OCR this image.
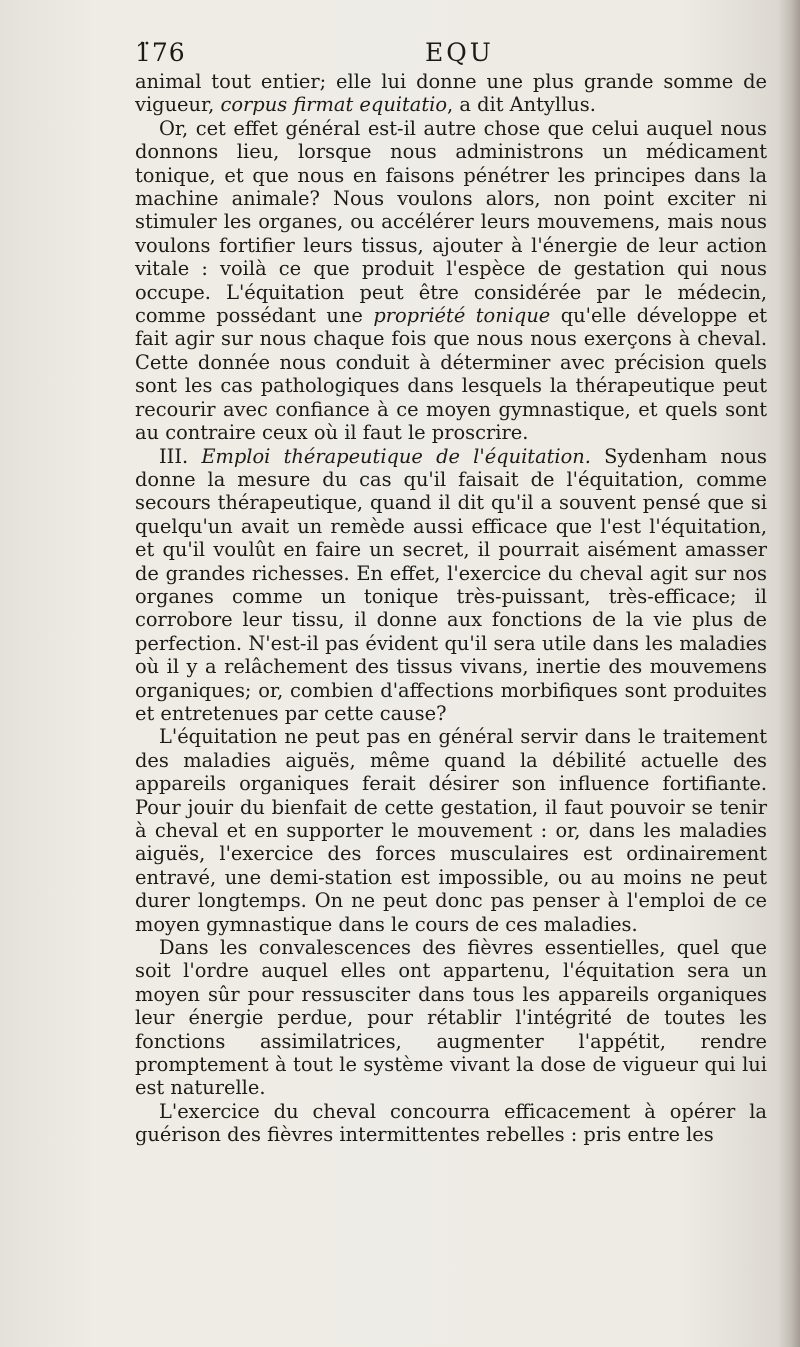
1̈76	EQU

animal tout entier; elle lui donne une plus grande somme de vigueur, corpus firmat equitatio, a dit Antyllus.

Or, cet effet général est-il autre chose que celui auquel nous donnons lieu, lorsque nous administrons un médicament tonique, et que nous en faisons pénétrer les principes dans la machine animale? Nous voulons alors, non point exciter ni stimuler les organes, ou accélérer leurs mouvemens, mais nous voulons fortifier leurs tissus, ajouter à l'énergie de leur action vitale : voilà ce que produit l'espèce de gestation qui nous occupe. L'équitation peut être considérée par le médecin, comme possédant une propriété tonique qu'elle développe et fait agir sur nous chaque fois que nous nous exerçons à cheval. Cette donnée nous conduit à déterminer avec précision quels sont les cas pathologiques dans lesquels la thérapeutique peut recourir avec confiance à ce moyen gymnastique, et quels sont au contraire ceux où il faut le proscrire.

III. Emploi thérapeutique de l'équitation. Sydenham nous donne la mesure du cas qu'il faisait de l'équitation, comme secours thérapeutique, quand il dit qu'il a souvent pensé que si quelqu'un avait un remède aussi efficace que l'est l'équitation, et qu'il voulût en faire un secret, il pourrait aisément amasser de grandes richesses. En effet, l'exercice du cheval agit sur nos organes comme un tonique très-puissant, très-efficace; il corrobore leur tissu, il donne aux fonctions de la vie plus de perfection. N'est-il pas évident qu'il sera utile dans les maladies où il y a relâchement des tissus vivans, inertie des mouvemens organiques; or, combien d'affections morbifiques sont produites et entretenues par cette cause?

L'équitation ne peut pas en général servir dans le traitement des maladies aiguës, même quand la débilité actuelle des appareils organiques ferait désirer son influence fortifiante. Pour jouir du bienfait de cette gestation, il faut pouvoir se tenir à cheval et en supporter le mouvement : or, dans les maladies aiguës, l'exercice des forces musculaires est ordinairement entravé, une demi-station est impossible, ou au moins ne peut durer longtemps. On ne peut donc pas penser à l'emploi de ce moyen gymnastique dans le cours de ces maladies.

Dans les convalescences des fièvres essentielles, quel que soit l'ordre auquel elles ont appartenu, l'équitation sera un moyen sûr pour ressusciter dans tous les appareils organiques leur énergie perdue, pour rétablir l'intégrité de toutes les fonctions assimilatrices, augmenter l'appétit, rendre promptement à tout le système vivant la dose de vigueur qui lui est naturelle.

L'exercice du cheval concourra efficacement à opérer la guérison des fièvres intermittentes rebelles : pris entre les
